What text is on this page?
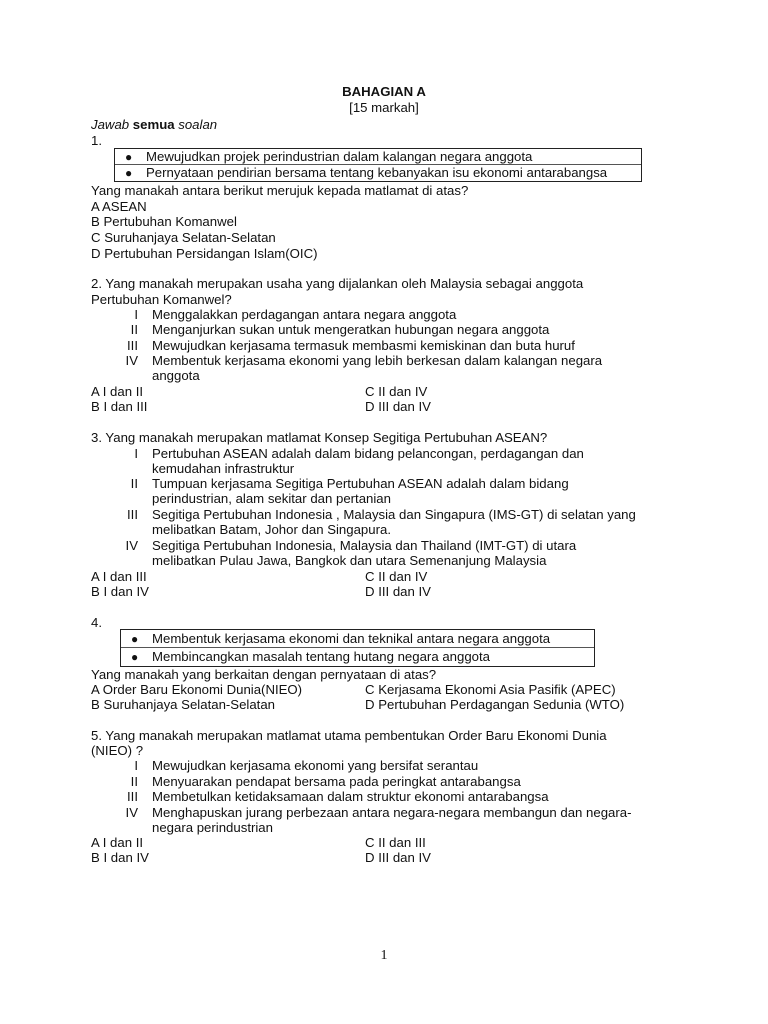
BAHAGIAN A
[15 markah]
Jawab semua soalan
1.
● Mewujudkan projek perindustrian dalam kalangan negara anggota
● Pernyataan pendirian bersama tentang kebanyakan isu ekonomi antarabangsa
Yang manakah antara berikut merujuk kepada matlamat di atas?
A ASEAN
B Pertubuhan Komanwel
C Suruhanjaya Selatan-Selatan
D Pertubuhan Persidangan Islam(OIC)
2. Yang manakah merupakan usaha yang dijalankan oleh Malaysia sebagai anggota
Pertubuhan Komanwel?
I Menggalakkan perdagangan antara negara anggota
II Menganjurkan sukan untuk mengeratkan hubungan negara anggota
III Mewujudkan kerjasama termasuk membasmi kemiskinan dan buta huruf
IV Membentuk kerjasama ekonomi yang lebih berkesan dalam kalangan negara
anggota
A I dan II	C II dan IV
B I dan III	D III dan IV
3. Yang manakah merupakan matlamat Konsep Segitiga Pertubuhan ASEAN?
I Pertubuhan ASEAN adalah dalam bidang pelancongan, perdagangan dan
kemudahan infrastruktur
II Tumpuan kerjasama Segitiga Pertubuhan ASEAN adalah dalam bidang
perindustrian, alam sekitar dan pertanian
III Segitiga Pertubuhan Indonesia , Malaysia dan Singapura (IMS-GT) di selatan yang
melibatkan Batam, Johor dan Singapura.
IV Segitiga Pertubuhan Indonesia, Malaysia dan Thailand (IMT-GT) di utara
melibatkan Pulau Jawa, Bangkok dan utara Semenanjung Malaysia
A I dan III	C II dan IV
B I dan IV	D III dan IV
4.
● Membentuk kerjasama ekonomi dan teknikal antara negara anggota
● Membincangkan masalah tentang hutang negara anggota
Yang manakah yang berkaitan dengan pernyataan di atas?
A Order Baru Ekonomi Dunia(NIEO)	C Kerjasama Ekonomi Asia Pasifik (APEC)
B Suruhanjaya Selatan-Selatan	D Pertubuhan Perdagangan Sedunia (WTO)
5. Yang manakah merupakan matlamat utama pembentukan Order Baru Ekonomi Dunia
(NIEO) ?
I Mewujudkan kerjasama ekonomi yang bersifat serantau
II Menyuarakan pendapat bersama pada peringkat antarabangsa
III Membetulkan ketidaksamaan dalam struktur ekonomi antarabangsa
IV Menghapuskan jurang perbezaan antara negara-negara membangun dan negara-
negara perindustrian
A I dan II	C II dan III
B I dan IV	D III dan IV
1
